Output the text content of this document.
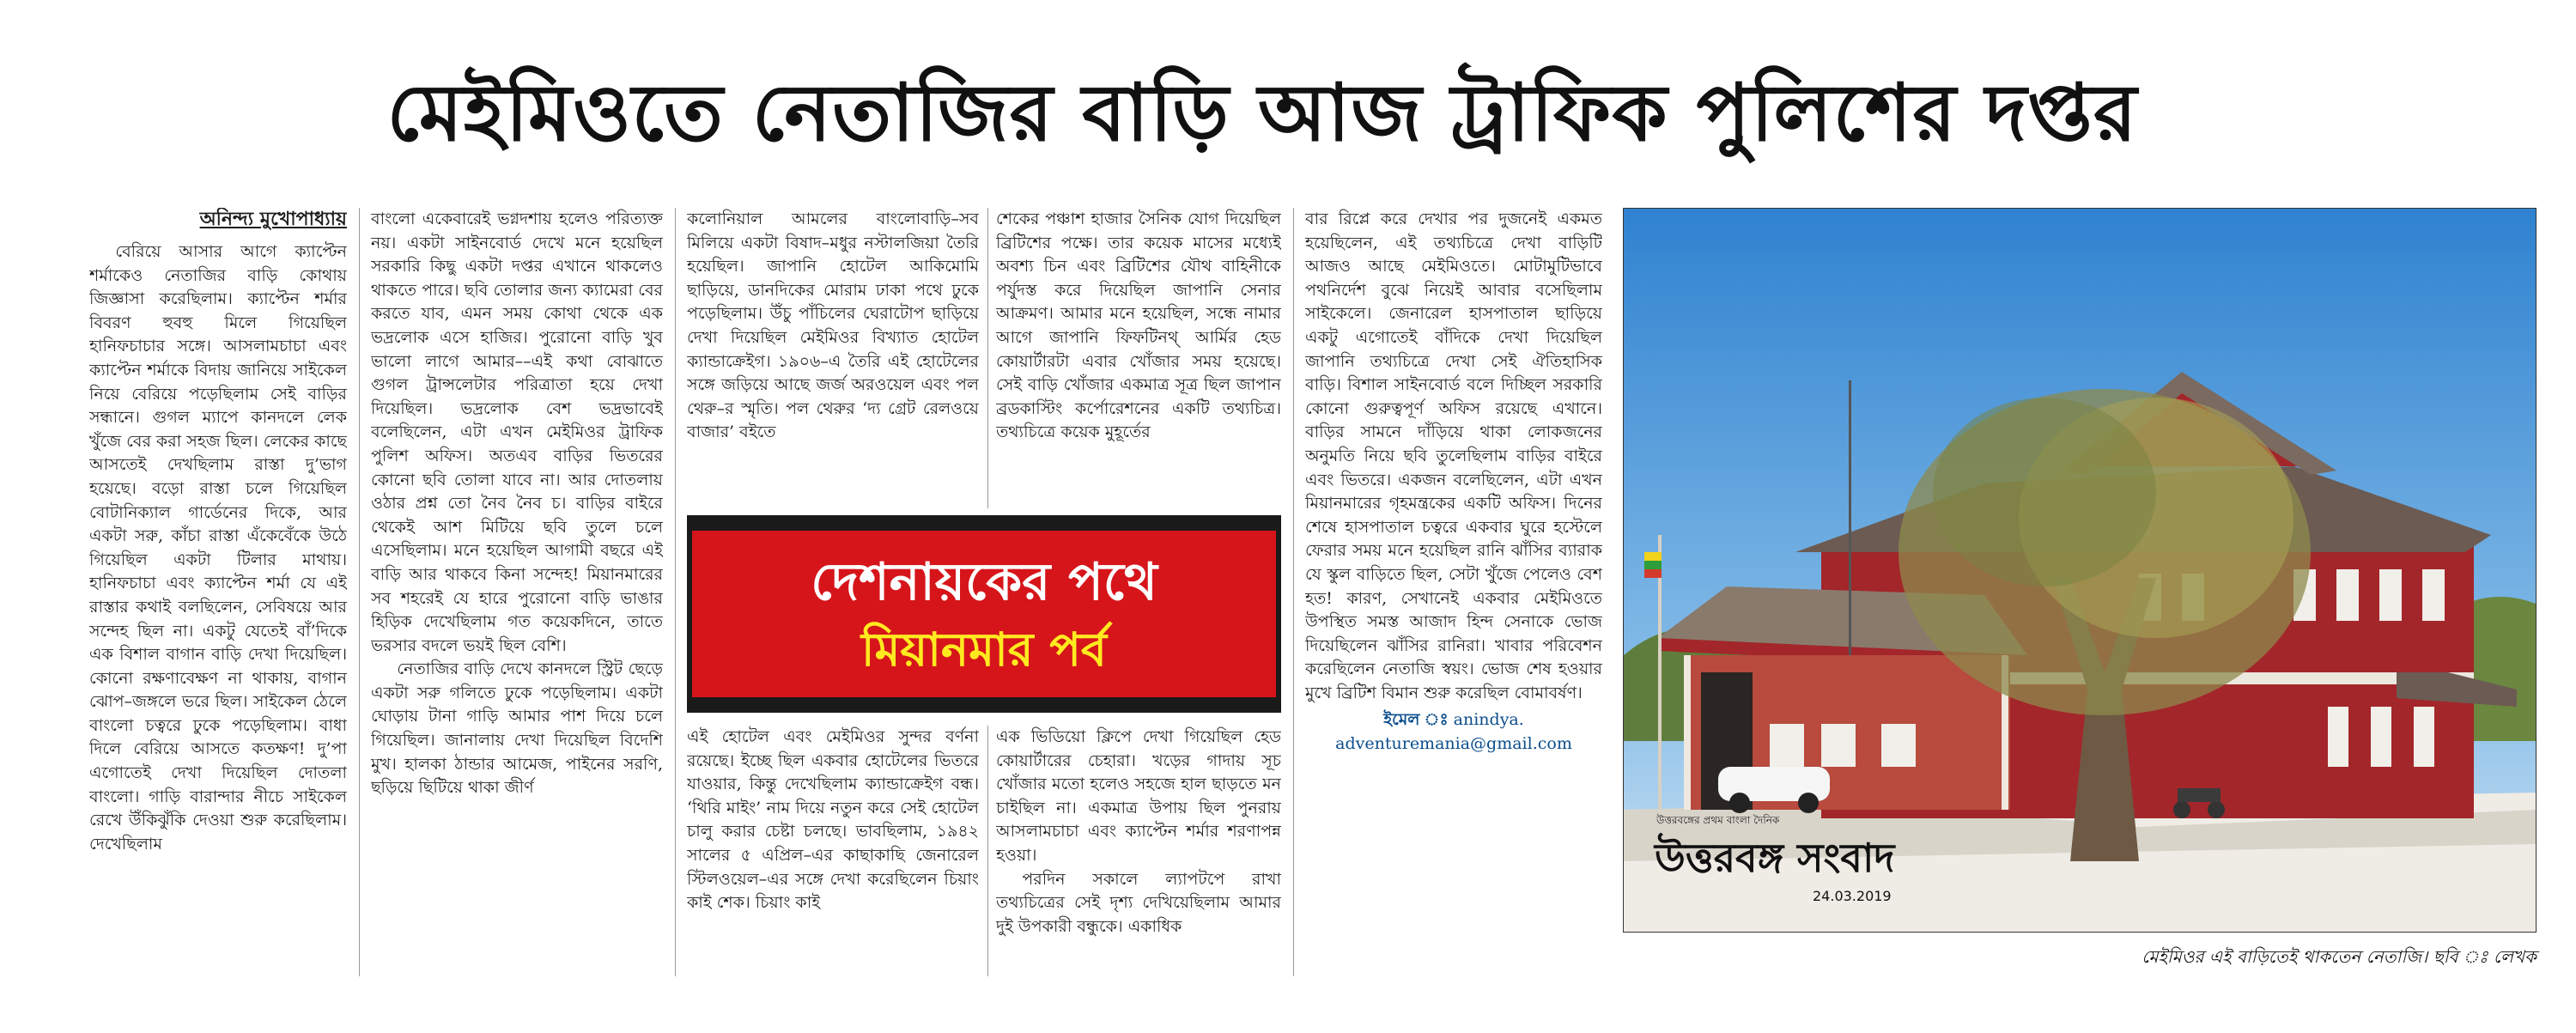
মেইমিওতে নেতাজির বাড়ি আজ ট্রাফিক পুলিশের দপ্তর
অনিন্দ্য মুখোপাধ্যায়

বেরিয়ে আসার আগে ক্যাপ্টেন শর্মাকেও নেতাজির বাড়ি কোথায় জিজ্ঞাসা করেছিলাম। ক্যাপ্টেন শর্মার বিবরণ হুবহু মিলে গিয়েছিল হানিফচাচার সঙ্গে। আসলামচাচা এবং ক্যাপ্টেন শর্মাকে বিদায় জানিয়ে সাইকেল নিয়ে বেরিয়ে পড়েছিলাম সেই বাড়ির সন্ধানে। গুগল ম্যাপে কানদলে লেক খুঁজে বের করা সহজ ছিল। লেকের কাছে আসতেই দেখছিলাম রাস্তা দু’ভাগ হয়েছে। বড়ো রাস্তা চলে গিয়েছিল বোটানিক্যাল গার্ডেনের দিকে, আর একটা সরু, কাঁচা রাস্তা এঁকেবেঁকে উঠে গিয়েছিল একটা টিলার মাথায়। হানিফচাচা এবং ক্যাপ্টেন শর্মা যে এই রাস্তার কথাই বলছিলেন, সেবিষয়ে আর সন্দেহ ছিল না। একটু যেতেই বাঁ’দিকে এক বিশাল বাগান বাড়ি দেখা দিয়েছিল। কোনো রক্ষণাবেক্ষণ না থাকায়, বাগান ঝোপ–জঙ্গলে ভরে ছিল। সাইকেল ঠেলে বাংলো চত্বরে ঢুকে পড়েছিলাম। বাধা দিলে বেরিয়ে আসতে কতক্ষণ! দু’পা এগোতেই দেখা দিয়েছিল দোতলা বাংলো। গাড়ি বারান্দার নীচে সাইকেল রেখে উঁকিঝুঁকি দেওয়া শুরু করেছিলাম। দেখেছিলাম

বাংলো একেবারেই ভগ্নদশায় হলেও পরিত্যক্ত নয়। একটা সাইনবোর্ড দেখে মনে হয়েছিল সরকারি কিছু একটা দপ্তর এখানে থাকলেও থাকতে পারে। ছবি তোলার জন্য ক্যামেরা বের করতে যাব, এমন সময় কোথা থেকে এক ভদ্রলোক এসে হাজির। পুরোনো বাড়ি খুব ভালো লাগে আমার––এই কথা বোঝাতে গুগল ট্রান্সলেটার পরিত্রাতা হয়ে দেখা দিয়েছিল। ভদ্রলোক বেশ ভদ্রভাবেই বলেছিলেন, এটা এখন মেইমিওর ট্রাফিক পুলিশ অফিস। অতএব বাড়ির ভিতরের কোনো ছবি তোলা যাবে না। আর দোতলায় ওঠার প্রশ্ন তো নৈব নৈব চ। বাড়ির বাইরে থেকেই আশ মিটিয়ে ছবি তুলে চলে এসেছিলাম। মনে হয়েছিল আগামী বছরে এই বাড়ি আর থাকবে কিনা সন্দেহ! মিয়ানমারের সব শহরেই যে হারে পুরোনো বাড়ি ভাঙার হিড়িক দেখেছিলাম গত কয়েকদিনে, তাতে ভরসার বদলে ভয়ই ছিল বেশি।

নেতাজির বাড়ি দেখে কানদলে স্ট্রিট ছেড়ে একটা সরু গলিতে ঢুকে পড়েছিলাম। একটা ঘোড়ায় টানা গাড়ি আমার পাশ দিয়ে চলে গিয়েছিল। জানালায় দেখা দিয়েছিল বিদেশি মুখ। হালকা ঠান্ডার আমেজ, পাইনের সরণি, ছড়িয়ে ছিটিয়ে থাকা জীর্ণ

কলোনিয়াল আমলের বাংলোবাড়ি–সব মিলিয়ে একটা বিষাদ–মধুর নস্টালজিয়া তৈরি হয়েছিল। জাপানি হোটেল আকিমোমি ছাড়িয়ে, ডানদিকের মোরাম ঢাকা পথে ঢুকে পড়েছিলাম। উঁচু পাঁচিলের ঘেরাটোপ ছাড়িয়ে দেখা দিয়েছিল মেইমিওর বিখ্যাত হোটেল ক্যান্ডাক্রেইগ। ১৯০৬–এ তৈরি এই হোটেলের সঙ্গে জড়িয়ে আছে জর্জ অরওয়েল এবং পল থেরু–র স্মৃতি। পল থেরুর ‘দ্য গ্রেট রেলওয়ে বাজার’ বইতে

শেকের পঞ্চাশ হাজার সৈনিক যোগ দিয়েছিল ব্রিটিশের পক্ষে। তার কয়েক মাসের মধ্যেই অবশ্য চিন এবং ব্রিটিশের যৌথ বাহিনীকে পর্যুদস্ত করে দিয়েছিল জাপানি সেনার আক্রমণ। আমার মনে হয়েছিল, সন্ধে নামার আগে জাপানি ফিফটিনথ্‌ আর্মির হেড কোয়ার্টারটা এবার খোঁজার সময় হয়েছে। সেই বাড়ি খোঁজার একমাত্র সূত্র ছিল জাপান ব্রডকাস্টিং কর্পোরেশনের একটি তথ্যচিত্র। তথ্যচিত্রে কয়েক মুহূর্তের

দেশনায়কের পথে
মিয়ানমার পর্ব

এই হোটেল এবং মেইমিওর সুন্দর বর্ণনা রয়েছে। ইচ্ছে ছিল একবার হোটেলের ভিতরে যাওয়ার, কিন্তু দেখেছিলাম ক্যান্ডাক্রেইগ বন্ধ। ‘থিরি মাইং’ নাম দিয়ে নতুন করে সেই হোটেল চালু করার চেষ্টা চলছে। ভাবছিলাম, ১৯৪২ সালের ৫ এপ্রিল–এর কাছাকাছি জেনারেল স্টিলওয়েল–এর সঙ্গে দেখা করেছিলেন চিয়াং কাই শেক। চিয়াং কাই

এক ভিডিয়ো ক্লিপে দেখা গিয়েছিল হেড কোয়ার্টারের চেহারা। খড়ের গাদায় সূচ খোঁজার মতো হলেও সহজে হাল ছাড়তে মন চাইছিল না। একমাত্র উপায় ছিল পুনরায় আসলামচাচা এবং ক্যাপ্টেন শর্মার শরণাপন্ন হওয়া।

পরদিন সকালে ল্যাপটপে রাখা তথ্যচিত্রের সেই দৃশ্য দেখিয়েছিলাম আমার দুই উপকারী বন্ধুকে। একাধিক

বার রিপ্লে করে দেখার পর দুজনেই একমত হয়েছিলেন, এই তথ্যচিত্রে দেখা বাড়িটি আজও আছে মেইমিওতে। মোটামুটিভাবে পথনির্দেশ বুঝে নিয়েই আবার বসেছিলাম সাইকেলে। জেনারেল হাসপাতাল ছাড়িয়ে একটু এগোতেই বাঁদিকে দেখা দিয়েছিল জাপানি তথ্যচিত্রে দেখা সেই ঐতিহাসিক বাড়ি। বিশাল সাইনবোর্ড বলে দিচ্ছিল সরকারি কোনো গুরুত্বপূর্ণ অফিস রয়েছে এখানে। বাড়ির সামনে দাঁড়িয়ে থাকা লোকজনের অনুমতি নিয়ে ছবি তুলেছিলাম বাড়ির বাইরে এবং ভিতরে। একজন বলেছিলেন, এটা এখন মিয়ানমারের গৃহমন্ত্রকের একটি অফিস। দিনের শেষে হাসপাতাল চত্বরে একবার ঘুরে হস্টেলে ফেরার সময় মনে হয়েছিল রানি ঝাঁসির ব্যারাক যে স্কুল বাড়িতে ছিল, সেটা খুঁজে পেলেও বেশ হত! কারণ, সেখানেই একবার মেইমিওতে উপস্থিত সমস্ত আজাদ হিন্দ সেনাকে ভোজ দিয়েছিলেন ঝাঁসির রানিরা। খাবার পরিবেশন করেছিলেন নেতাজি স্বয়ং। ভোজ শেষ হওয়ার মুখে ব্রিটিশ বিমান শুরু করেছিল বোমাবর্ষণ।

ইমেল ঃ anindya.
adventuremania@gmail.com
উত্তরবঙ্গের প্রথম বাংলা দৈনিক
উত্তরবঙ্গ সংবাদ
24.03.2019
মেইমিওর এই বাড়িতেই থাকতেন নেতাজি। ছবি ঃ লেখক
